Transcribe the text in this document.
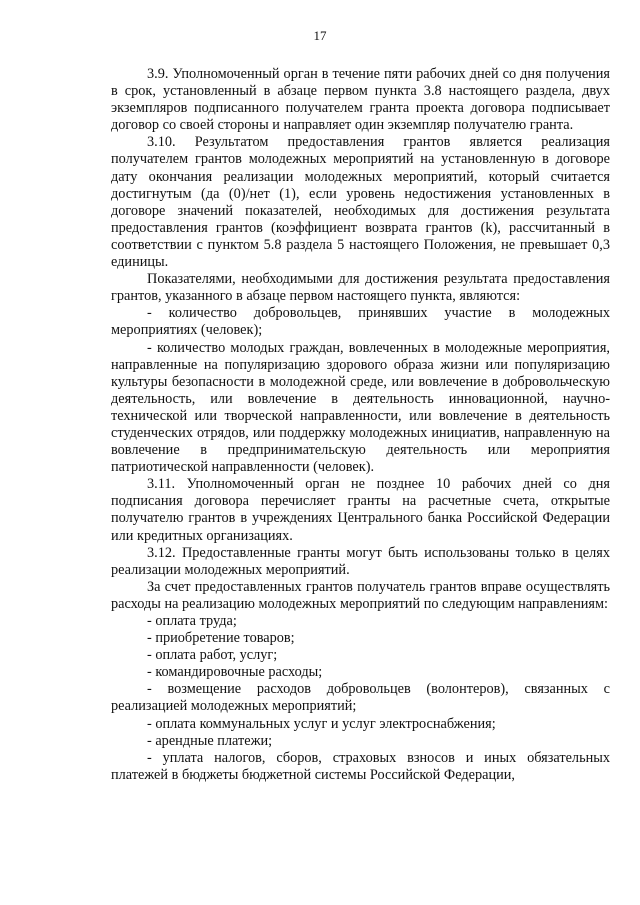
17

3.9. Уполномоченный орган в течение пяти рабочих дней со дня получения в срок, установленный в абзаце первом пункта 3.8 настоящего раздела, двух экземпляров подписанного получателем гранта проекта договора подписывает договор со своей стороны и направляет один экземпляр получателю гранта.

3.10. Результатом предоставления грантов является реализация получателем грантов молодежных мероприятий на установленную в договоре дату окончания реализации молодежных мероприятий, который считается достигнутым (да (0)/нет (1), если уровень недостижения установленных в договоре значений показателей, необходимых для достижения результата предоставления грантов (коэффициент возврата грантов (k), рассчитанный в соответствии с пунктом 5.8 раздела 5 настоящего Положения, не превышает 0,3 единицы.

Показателями, необходимыми для достижения результата предоставления грантов, указанного в абзаце первом настоящего пункта, являются:

- количество добровольцев, принявших участие в молодежных мероприятиях (человек);

- количество молодых граждан, вовлеченных в молодежные мероприятия, направленные на популяризацию здорового образа жизни или популяризацию культуры безопасности в молодежной среде, или вовлечение в добровольческую деятельность, или вовлечение в деятельность инновационной, научно-технической или творческой направленности, или вовлечение в деятельность студенческих отрядов, или поддержку молодежных инициатив, направленную на вовлечение в предпринимательскую деятельность или мероприятия патриотической направленности (человек).

3.11. Уполномоченный орган не позднее 10 рабочих дней со дня подписания договора перечисляет гранты на расчетные счета, открытые получателю грантов в учреждениях Центрального банка Российской Федерации или кредитных организациях.

3.12. Предоставленные гранты могут быть использованы только в целях реализации молодежных мероприятий.

За счет предоставленных грантов получатель грантов вправе осуществлять расходы на реализацию молодежных мероприятий по следующим направлениям:

- оплата труда;

- приобретение товаров;

- оплата работ, услуг;

- командировочные расходы;

- возмещение расходов добровольцев (волонтеров), связанных с реализацией молодежных мероприятий;

- оплата коммунальных услуг и услуг электроснабжения;

- арендные платежи;

- уплата налогов, сборов, страховых взносов и иных обязательных платежей в бюджеты бюджетной системы Российской Федерации,
